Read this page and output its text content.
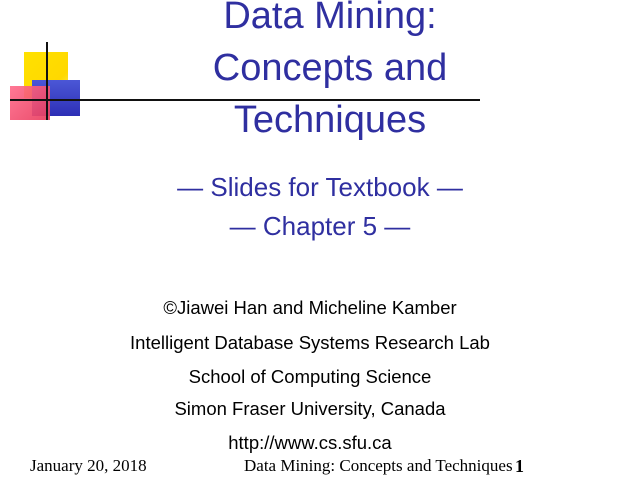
Data Mining:
Concepts and
Techniques
— Slides for Textbook —
— Chapter 5 —
©Jiawei Han and Micheline Kamber
Intelligent Database Systems Research Lab
School of Computing Science
Simon Fraser University, Canada
http://www.cs.sfu.ca
January 20, 2018	Data Mining: Concepts and Techniques 1
